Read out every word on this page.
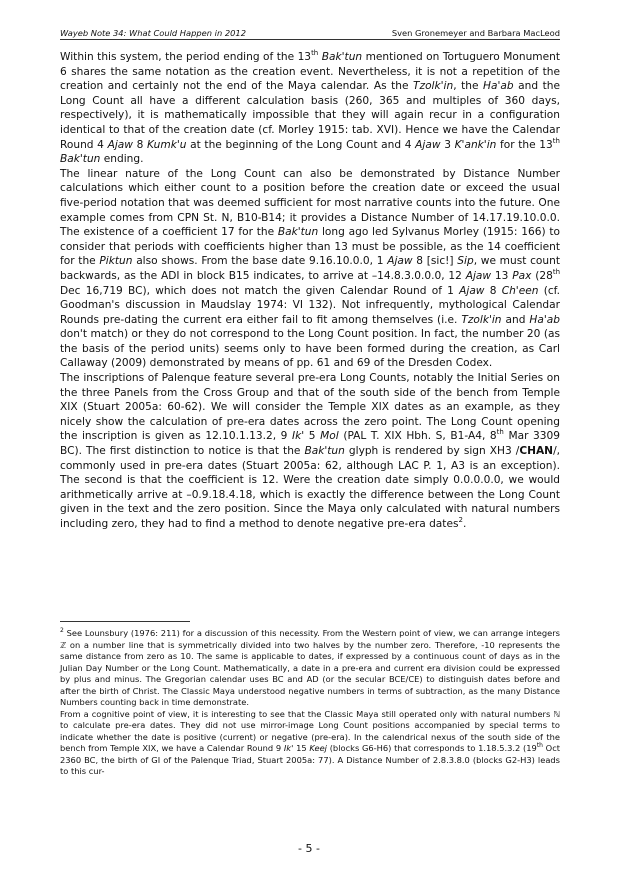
Wayeb Note 34: What Could Happen in 2012	Sven Gronemeyer and Barbara MacLeod

Within this system, the period ending of the 13th Bak'tun mentioned on Tortuguero Monument 6 shares the same notation as the creation event. Nevertheless, it is not a repetition of the creation and certainly not the end of the Maya calendar. As the Tzolk'in, the Ha'ab and the Long Count all have a different calculation basis (260, 365 and multiples of 360 days, respectively), it is mathematically impossible that they will again recur in a configuration identical to that of the creation date (cf. Morley 1915: tab. XVI). Hence we have the Calendar Round 4 Ajaw 8 Kumk'u at the beginning of the Long Count and 4 Ajaw 3 K'ank'in for the 13th Bak'tun ending.

The linear nature of the Long Count can also be demonstrated by Distance Number calculations which either count to a position before the creation date or exceed the usual five-period notation that was deemed sufficient for most narrative counts into the future. One example comes from CPN St. N, B10-B14; it provides a Distance Number of 14.17.19.10.0.0. The existence of a coefficient 17 for the Bak'tun long ago led Sylvanus Morley (1915: 166) to consider that periods with coefficients higher than 13 must be possible, as the 14 coefficient for the Piktun also shows. From the base date 9.16.10.0.0, 1 Ajaw 8 [sic!] Sip, we must count backwards, as the ADI in block B15 indicates, to arrive at –14.8.3.0.0.0, 12 Ajaw 13 Pax (28th Dec 16,719 BC), which does not match the given Calendar Round of 1 Ajaw 8 Ch'een (cf. Goodman's discussion in Maudslay 1974: VI 132). Not infrequently, mythological Calendar Rounds pre-dating the current era either fail to fit among themselves (i.e. Tzolk'in and Ha'ab don't match) or they do not correspond to the Long Count position. In fact, the number 20 (as the basis of the period units) seems only to have been formed during the creation, as Carl Callaway (2009) demonstrated by means of pp. 61 and 69 of the Dresden Codex.

The inscriptions of Palenque feature several pre-era Long Counts, notably the Initial Series on the three Panels from the Cross Group and that of the south side of the bench from Temple XIX (Stuart 2005a: 60-62). We will consider the Temple XIX dates as an example, as they nicely show the calculation of pre-era dates across the zero point. The Long Count opening the inscription is given as 12.10.1.13.2, 9 Ik' 5 Mol (PAL T. XIX Hbh. S, B1-A4, 8th Mar 3309 BC). The first distinction to notice is that the Bak'tun glyph is rendered by sign XH3 /CHAN/, commonly used in pre-era dates (Stuart 2005a: 62, although LAC P. 1, A3 is an exception). The second is that the coefficient is 12. Were the creation date simply 0.0.0.0.0, we would arithmetically arrive at –0.9.18.4.18, which is exactly the difference between the Long Count given in the text and the zero position. Since the Maya only calculated with natural numbers including zero, they had to find a method to denote negative pre-era dates$^2$.

$^2$ See Lounsbury (1976: 211) for a discussion of this necessity. From the Western point of view, we can arrange integers ℤ on a number line that is symmetrically divided into two halves by the number zero. Therefore, -10 represents the same distance from zero as 10. The same is applicable to dates, if expressed by a continuous count of days as in the Julian Day Number or the Long Count. Mathematically, a date in a pre-era and current era division could be expressed by plus and minus. The Gregorian calendar uses BC and AD (or the secular BCE/CE) to distinguish dates before and after the birth of Christ. The Classic Maya understood negative numbers in terms of subtraction, as the many Distance Numbers counting back in time demonstrate.

From a cognitive point of view, it is interesting to see that the Classic Maya still operated only with natural numbers ℕ to calculate pre-era dates. They did not use mirror-image Long Count positions accompanied by special terms to indicate whether the date is positive (current) or negative (pre-era). In the calendrical nexus of the south side of the bench from Temple XIX, we have a Calendar Round 9 Ik' 15 Keej (blocks G6-H6) that corresponds to 1.18.5.3.2 (19th Oct 2360 BC, the birth of GI of the Palenque Triad, Stuart 2005a: 77). A Distance Number of 2.8.3.8.0 (blocks G2-H3) leads to this cur-

- 5 -
